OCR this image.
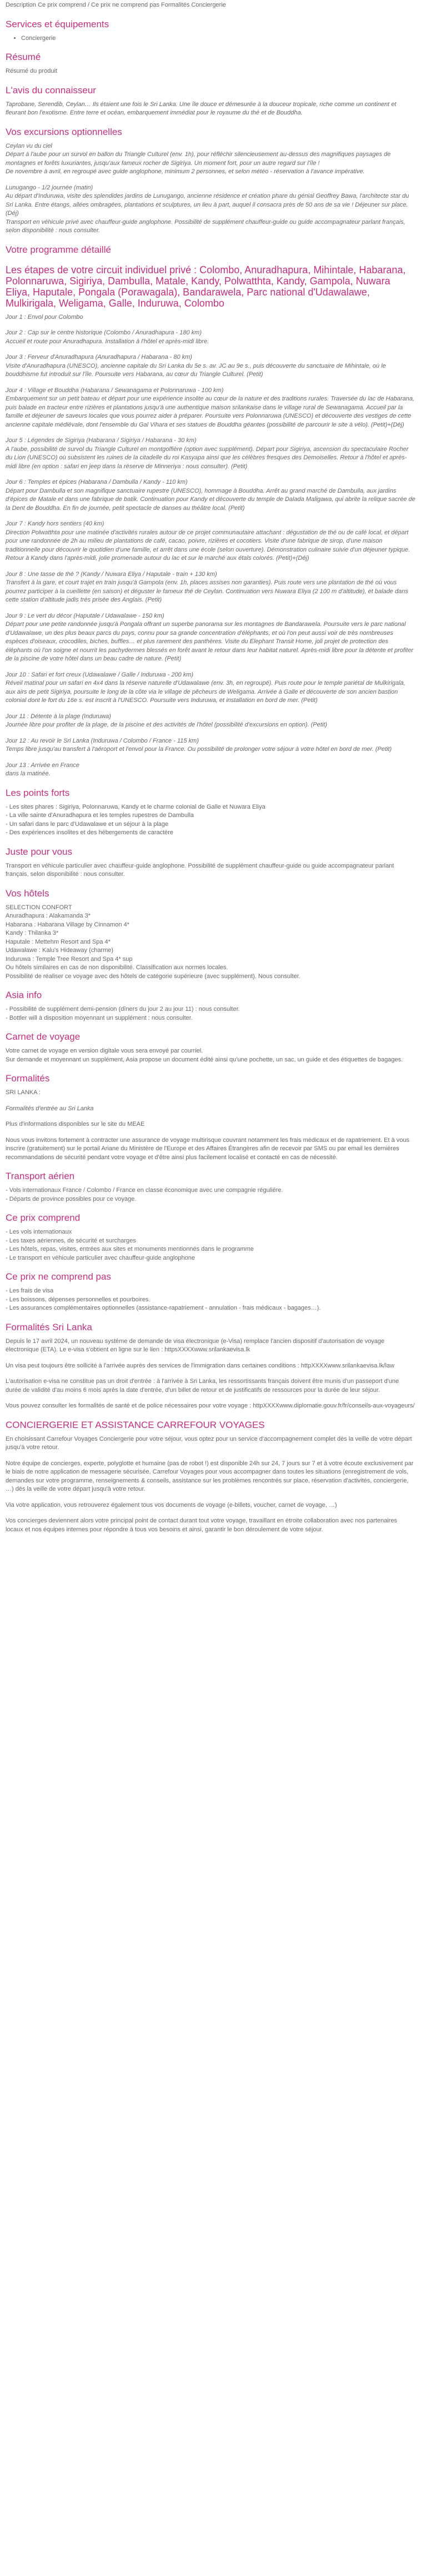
Description Ce prix comprend / Ce prix ne comprend pas Formalités Conciergerie
Services et équipements
• Conciergerie
Résumé

Résumé du produit

L'avis du connaisseur

Taprobane, Serendib, Ceylan… Ils étaient une fois le Sri Lanka. Une île douce et démesurée à la douceur tropicale, riche comme un continent et fleurant bon l'exotisme. Entre terre et océan, embarquement immédiat pour le royaume du thé et de Bouddha.

Vos excursions optionnelles

Ceylan vu du ciel
Départ à l'aube pour un survol en ballon du Triangle Culturel (env. 1h), pour réfléchir silencieusement au-dessus des magnifiques paysages de montagnes et forêts luxuriantes, jusqu'aux fameux rocher de Sigiriya. Un moment fort, pour un autre regard sur l'île !
De novembre à avril, en regroupé avec guide anglophone, minimum 2 personnes, et selon météo - réservation à l'avance impérative.

Lunugango - 1/2 journée (matin)
Au départ d'Induruwa, visite des splendides jardins de Lunugango, ancienne résidence et création phare du génial Geoffrey Bawa, l'architecte star du Sri Lanka. Entre étangs, allées ombragées, plantations et sculptures, un lieu à part, auquel il consacra près de 50 ans de sa vie ! Déjeuner sur place. (Déj)
Transport en véhicule privé avec chauffeur-guide anglophone. Possibilité de supplément chauffeur-guide ou guide accompagnateur parlant français, selon disponibilité : nous consulter.

Votre programme détaillé
Les étapes de votre circuit individuel privé : Colombo, Anuradhapura, Mihintale, Habarana, Polonnaruwa, Sigiriya, Dambulla, Matale, Kandy, Polwatthta, Kandy, Gampola, Nuwara Eliya, Haputale, Pongala (Porawagala), Bandarawela, Parc national d'Udawalawe, Mulkirigala, Weligama, Galle, Induruwa, Colombo

Jour 1 : Envol pour Colombo

Jour 2 : Cap sur le centre historique (Colombo / Anuradhapura - 180 km)
Accueil et route pour Anuradhapura. Installation à l'hôtel et après-midi libre.

Jour 3 : Ferveur d'Anuradhapura (Anuradhapura / Habarana - 80 km)
Visite d'Anuradhapura (UNESCO), ancienne capitale du Sri Lanka du 5e s. av. JC au 9e s., puis découverte du sanctuaire de Mihintale, où le bouddhisme fut introduit sur l'île. Poursuite vers Habarana, au cœur du Triangle Culturel. (Petit)

Jour 4 : Village et Bouddha (Habarana / Sewanagama et Polonnaruwa - 100 km)
Embarquement sur un petit bateau et départ pour une expérience insolite au cœur de la nature et des traditions rurales. Traversée du lac de Habarana, puis balade en tracteur entre rizières et plantations jusqu'à une authentique maison srilankaise dans le village rural de Sewanagama. Accueil par la famille et déjeuner de saveurs locales que vous pourrez aider à préparer. Poursuite vers Polonnaruwa (UNESCO) et découverte des vestiges de cette ancienne capitale médiévale, dont l'ensemble du Gal Vihara et ses statues de Bouddha géantes (possibilité de parcourir le site à vélo). (Petit)+(Déj)

Jour 5 : Légendes de Sigiriya (Habarana / Sigiriya / Habarana - 30 km)
A l'aube, possibilité de survol du Triangle Culturel en montgolfière (option avec supplément). Départ pour Sigiriya, ascension du spectaculaire Rocher du Lion (UNESCO) où subsistent les ruines de la citadelle du roi Kasyapa ainsi que les célèbres fresques des Demoiselles. Retour à l'hôtel et après-midi libre (en option : safari en jeep dans la réserve de Minneriya : nous consulter). (Petit)

Jour 6 : Temples et épices (Habarana / Dambulla / Kandy - 110 km)
Départ pour Dambulla et son magnifique sanctuaire rupestre (UNESCO), hommage à Bouddha. Arrêt au grand marché de Dambulla, aux jardins d'épices de Matale et dans une fabrique de batik. Continuation pour Kandy et découverte du temple de Dalada Maligawa, qui abrite la relique sacrée de la Dent de Bouddha. En fin de journée, petit spectacle de danses au théâtre local. (Petit)

Jour 7 : Kandy hors sentiers (40 km)
Direction Polwatthta pour une matinée d'activités rurales autour de ce projet communautaire attachant : dégustation de thé ou de café local, et départ pour une randonnée de 2h au milieu de plantations de café, cacao, poivre, rizières et cocotiers. Visite d'une fabrique de sirop, d'une maison traditionnelle pour découvrir le quotidien d'une famille, et arrêt dans une école (selon ouverture). Démonstration culinaire suivie d'un déjeuner typique. Retour à Kandy dans l'après-midi, jolie promenade autour du lac et sur le marché aux étals colorés. (Petit)+(Déj)

Jour 8 : Une tasse de thé ? (Kandy / Nuwara Eliya / Haputale - train + 130 km)
Transfert à la gare, et court trajet en train jusqu'à Gampola (env. 1h, places assises non garanties). Puis route vers une plantation de thé où vous pourrez participer à la cueillette (en saison) et déguster le fameux thé de Ceylan. Continuation vers Nuwara Eliya (2 100 m d'altitude), et balade dans cette station d'altitude jadis très prisée des Anglais. (Petit)

Jour 9 : Le vert du décor (Haputale / Udawalawe - 150 km)
Départ pour une petite randonnée jusqu'à Pongala offrant un superbe panorama sur les montagnes de Bandarawela. Poursuite vers le parc national d'Udawalawe, un des plus beaux parcs du pays, connu pour sa grande concentration d'éléphants, et où l'on peut aussi voir de très nombreuses espèces d'oiseaux, crocodiles, biches, buffles… et plus rarement des panthères. Visite du Elephant Transit Home, joli projet de protection des éléphants où l'on soigne et nourrit les pachydermes blessés en forêt avant le retour dans leur habitat naturel. Après-midi libre pour la détente et profiter de la piscine de votre hôtel dans un beau cadre de nature. (Petit)

Jour 10 : Safari et fort creux (Udawalawe / Galle / Induruwa - 200 km)
Réveil matinal pour un safari en 4x4 dans la réserve naturelle d'Udawalawe (env. 3h, en regroupé). Puis route pour le temple pariétal de Mulkirigala, aux airs de petit Sigiriya, poursuite le long de la côte via le village de pêcheurs de Weligama. Arrivée à Galle et découverte de son ancien bastion colonial dont le fort du 16e s. est inscrit à l'UNESCO. Poursuite vers Induruwa, et installation en bord de mer. (Petit)

Jour 11 : Détente à la plage (Induruwa)
Journée libre pour profiter de la plage, de la piscine et des activités de l'hôtel (possibilité d'excursions en option). (Petit)

Jour 12 : Au revoir le Sri Lanka (Induruwa / Colombo / France - 115 km)
Temps libre jusqu'au transfert à l'aéroport et l'envol pour la France. Ou possibilité de prolonger votre séjour à votre hôtel en bord de mer. (Petit)

Jour 13 : Arrivée en France
dans la matinée.

Les points forts

- Les sites phares : Sigiriya, Polonnaruwa, Kandy et le charme colonial de Galle et Nuwara Eliya
- La ville sainte d'Anuradhapura et les temples rupestres de Dambulla
- Un safari dans le parc d'Udawalawe et un séjour à la plage
- Des expériences insolites et des hébergements de caractère

Juste pour vous

Transport en véhicule particulier avec chauffeur-guide anglophone. Possibilité de supplément chauffeur-guide ou guide accompagnateur parlant français, selon disponibilité : nous consulter.

Vos hôtels

SELECTION CONFORT
Anuradhapura : Alakamanda 3*
Habarana : Habarana Village by Cinnamon 4*
Kandy : Thilanka 3*
Haputale : Mettehm Resort and Spa 4*
Udawalawe : Kalu's Hideaway (charme)
Induruwa : Temple Tree Resort and Spa 4* sup
Ou hôtels similaires en cas de non disponibilité. Classification aux normes locales.
Possibilité de réaliser ce voyage avec des hôtels de catégorie supérieure (avec supplément). Nous consulter.

Asia info

- Possibilité de supplément demi-pension (dîners du jour 2 au jour 11) : nous consulter.
- Bottler will à disposition moyennant un supplément : nous consulter.

Carnet de voyage

Votre carnet de voyage en version digitale vous sera envoyé par courriel.
Sur demande et moyennant un supplément, Asia propose un document édité ainsi qu'une pochette, un sac, un guide et des étiquettes de bagages.

Formalités

SRI LANKA :

Formalités d'entrée au Sri Lanka

Plus d'informations disponibles sur le site du MEAE

Nous vous invitons fortement à contracter une assurance de voyage multirisque couvrant notamment les frais médicaux et de rapatriement. Et à vous inscrire (gratuitement) sur le portail Ariane du Ministère de l'Europe et des Affaires Étrangères afin de recevoir par SMS ou par email les dernières recommandations de sécurité pendant votre voyage et d'être ainsi plus facilement localisé et contacté en cas de nécessité.

Transport aérien

- Vols internationaux France / Colombo / France en classe économique avec une compagnie régulière.
- Départs de province possibles pour ce voyage.

Ce prix comprend

- Les vols internationaux
- Les taxes aériennes, de sécurité et surcharges
- Les hôtels, repas, visites, entrées aux sites et monuments mentionnés dans le programme
- Le transport en véhicule particulier avec chauffeur-guide anglophone

Ce prix ne comprend pas

- Les frais de visa
- Les boissons, dépenses personnelles et pourboires.
- Les assurances complémentaires optionnelles (assistance-rapatriement - annulation - frais médicaux - bagages…).

Formalités Sri Lanka

Depuis le 17 avril 2024, un nouveau système de demande de visa électronique (e-Visa) remplace l'ancien dispositif d'autorisation de voyage électronique (ETA). Le e-visa s'obtient en ligne sur le lien : httpsXXXXwww.srilankaevisa.lk

Un visa peut toujours être sollicité à l'arrivée auprès des services de l'immigration dans certaines conditions : httpXXXXwww.srilankaevisa.lk/law

L'autorisation e-visa ne constitue pas un droit d'entrée : à l'arrivée à Sri Lanka, les ressortissants français doivent être munis d'un passeport d'une durée de validité d'au moins 6 mois après la date d'entrée, d'un billet de retour et de justificatifs de ressources pour la durée de leur séjour.

Vous pouvez consulter les formalités de santé et de police nécessaires pour votre voyage : httpXXXXwww.diplomatie.gouv.fr/fr/conseils-aux-voyageurs/

CONCIERGERIE ET ASSISTANCE CARREFOUR VOYAGES

En choisissant Carrefour Voyages Conciergerie pour votre séjour, vous optez pour un service d'accompagnement complet dès la veille de votre départ jusqu'à votre retour.

Notre équipe de concierges, experte, polyglotte et humaine (pas de robot !) est disponible 24h sur 24, 7 jours sur 7 et à votre écoute exclusivement par le biais de notre application de messagerie sécurisée, Carrefour Voyages pour vous accompagner dans toutes les situations (enregistrement de vols, demandes sur votre programme, renseignements & conseils, assistance sur les problèmes rencontrés sur place, réservation d'activités, conciergerie, …) dès la veille de votre départ jusqu'à votre retour.

Via votre application, vous retrouverez également tous vos documents de voyage (e-billets, voucher, carnet de voyage, …)

Vos concierges deviennent alors votre principal point de contact durant tout votre voyage, travaillant en étroite collaboration avec nos partenaires locaux et nos équipes internes pour répondre à tous vos besoins et ainsi, garantir le bon déroulement de votre séjour.
